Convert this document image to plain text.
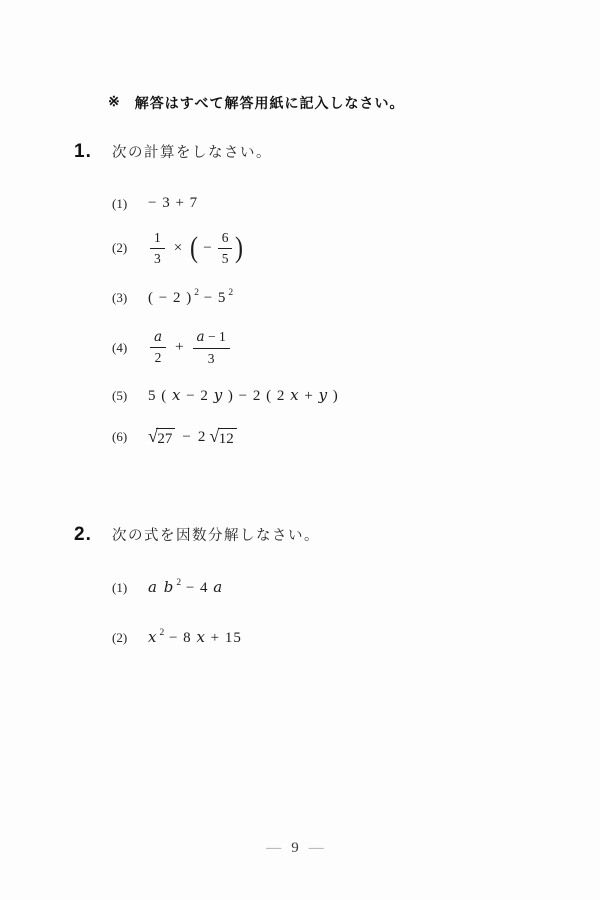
※ 解答はすべて解答用紙に記入しなさい。
1.	次の計算をしなさい。
(1)	− 3 + 7
(2)	$\frac{1}{3}$ × ( − $\frac{6}{5}$ )
(3)	( − 2 ) $^2$ − 5 $^2$
(4)	$\frac{a}{2} + \frac{a - 1}{3}$
(5)	5 ( x − 2 y ) − 2 ( 2 x + y )
(6)	√ 27 − 2 √ 12
2.	次の式を因数分解しなさい。
(1)	a b $^2$ − 4 a
(2)	x $^2$ − 8 x + 15
— 9 —
